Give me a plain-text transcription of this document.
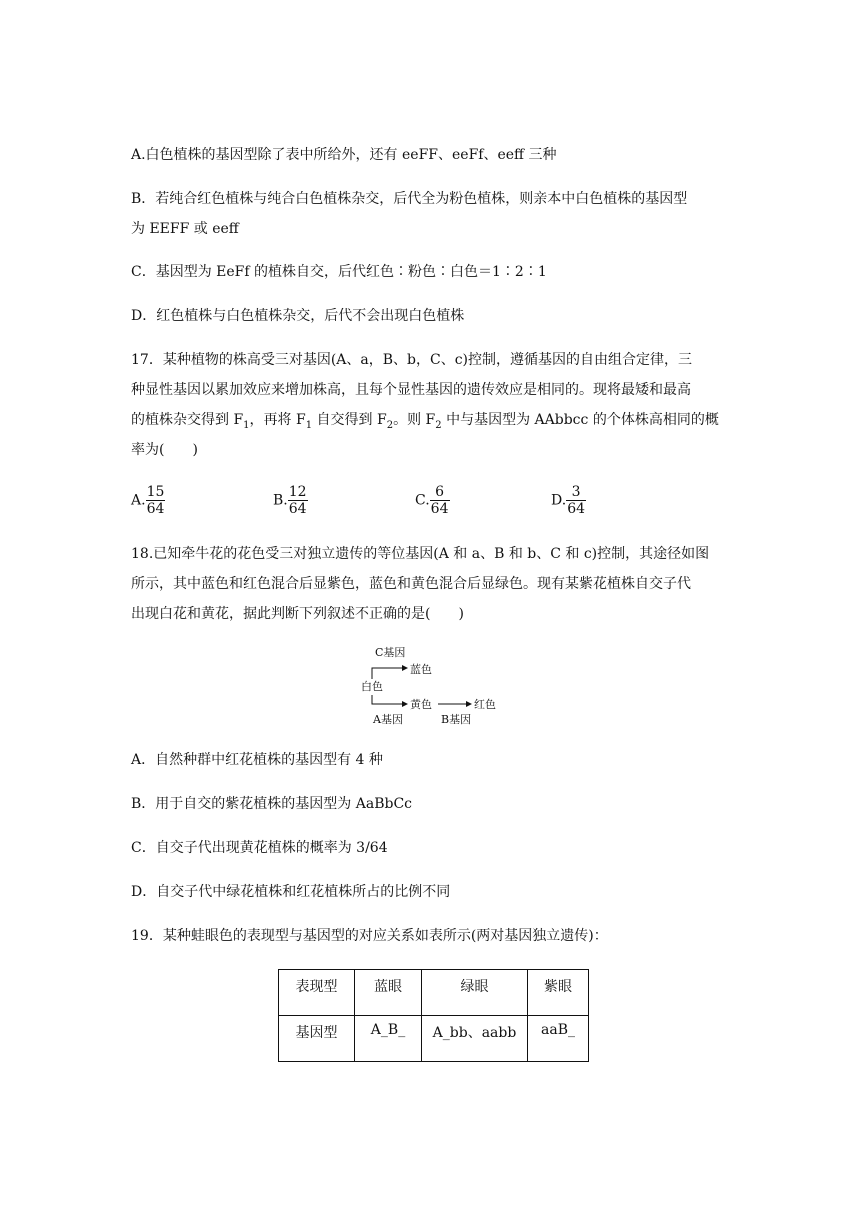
A.白色植株的基因型除了表中所给外，还有 eeFF、eeFf、eeff 三种
B．若纯合红色植株与纯合白色植株杂交，后代全为粉色植株，则亲本中白色植株的基因型
为 EEFF 或 eeff
C．基因型为 EeFf 的植株自交，后代红色∶粉色∶白色＝1∶2∶1
D．红色植株与白色植株杂交，后代不会出现白色植株
17．某种植物的株高受三对基因(A、a，B、b，C、c)控制，遵循基因的自由组合定律，三
种显性基因以累加效应来增加株高，且每个显性基因的遗传效应是相同的。现将最矮和最高
的植株杂交得到 $F_1$，再将 $F_1$ 自交得到 $F_2$。则 $F_2$ 中与基因型为 AAbbcc 的个体株高相同的概
率为(　　)
A. $\frac{15}{64}$	B. $\frac{12}{64}$	C. $\frac{6}{64}$	D. $\frac{3}{64}$
18.已知牵牛花的花色受三对独立遗传的等位基因(A 和 a、B 和 b、C 和 c)控制，其途径如图
所示，其中蓝色和红色混合后显紫色，蓝色和黄色混合后显绿色。现有某紫花植株自交子代
出现白花和黄花，据此判断下列叙述不正确的是(　　)
C基因
蓝色
白色
黄色	红色
A基因	B基因
A．自然种群中红花植株的基因型有 4 种
B．用于自交的紫花植株的基因型为 AaBbCc
C．自交子代出现黄花植株的概率为 3/64
D．自交子代中绿花植株和红花植株所占的比例不同
19．某种蛙眼色的表现型与基因型的对应关系如表所示(两对基因独立遗传)：
表现型	蓝眼	绿眼	紫眼
基因型	A_B_	A_bb、aabb	aaB_
